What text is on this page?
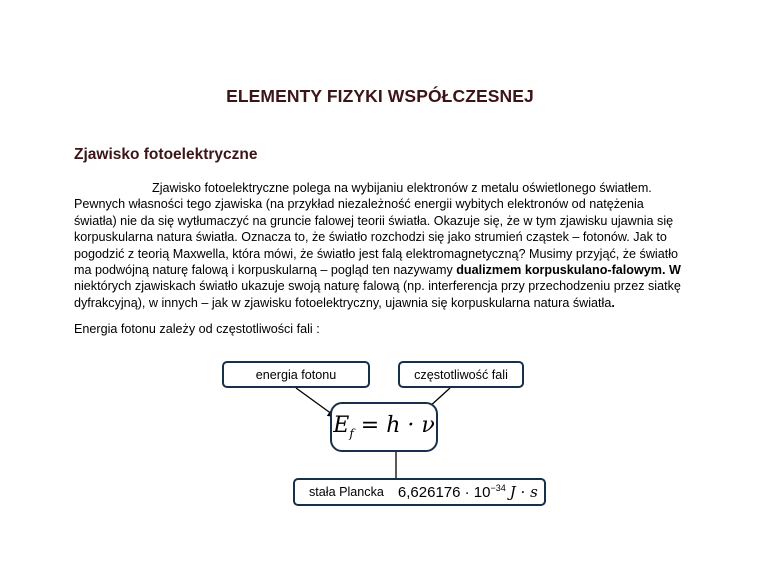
ELEMENTY FIZYKI WSPÓŁCZESNEJ
Zjawisko fotoelektryczne
Zjawisko fotoelektryczne polega na wybijaniu elektronów z metalu oświetlonego światłem.
Pewnych własności tego zjawiska (na przykład niezależność energii wybitych elektronów od natężenia
światła) nie da się wytłumaczyć na gruncie falowej teorii światła. Okazuje się, że w tym zjawisku ujawnia się
korpuskularna natura światła. Oznacza to, że światło rozchodzi się jako strumień cząstek – fotonów. Jak to
pogodzić z teorią Maxwella, która mówi, że światło jest falą elektromagnetyczną? Musimy przyjąć, że światło
ma podwójną naturę falową i korpuskularną – pogląd ten nazywamy dualizmem korpuskulano-falowym. W
niektórych zjawiskach światło ukazuje swoją naturę falową (np. interferencja przy przechodzeniu przez siatkę
dyfrakcyjną), w innych – jak w zjawisku fotoelektryczny, ujawnia się korpuskularna natura światła.
Energia fotonu zależy od częstotliwości fali :
energia fotonu	częstotliwość fali
$E_f = h \cdot \nu$
stała Plancka $6,626176 \cdot 10^{-34}$ J · s
